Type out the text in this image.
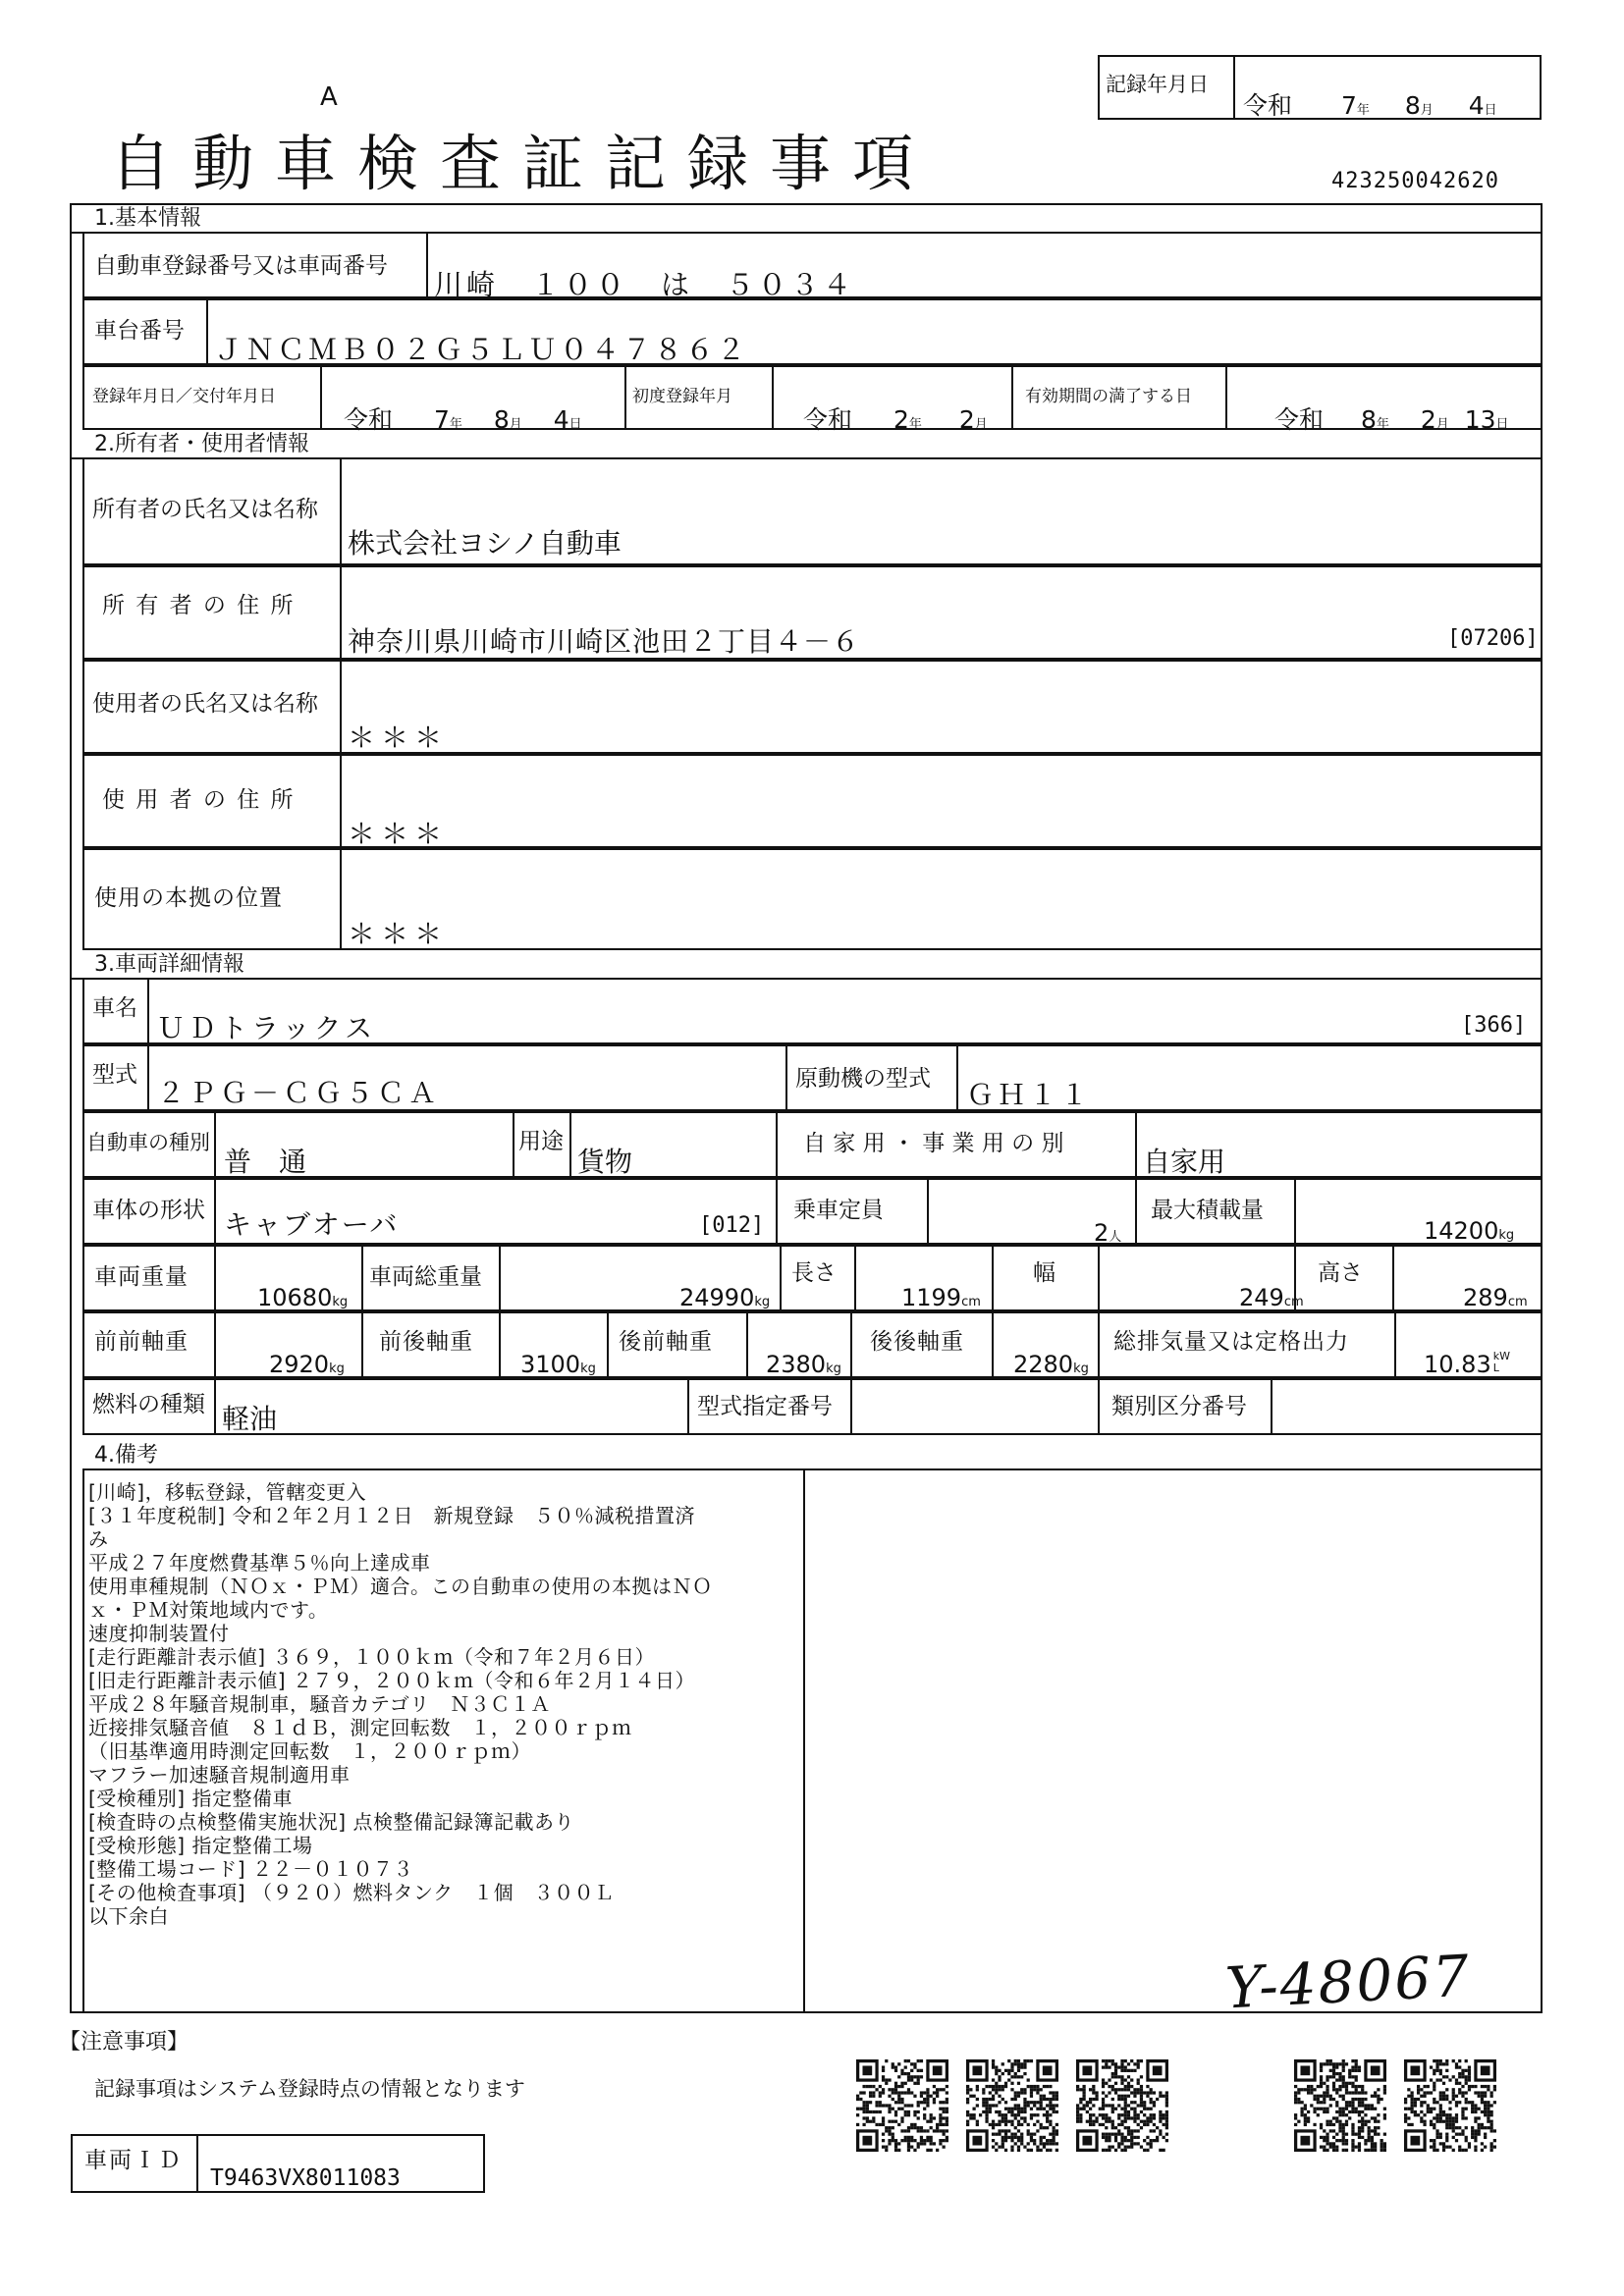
A
自動車検査証記録事項	423250042620
記録年月日
令和 7年 8月 4日
1.基本情報
自動車登録番号又は車両番号
川崎　１００　は　５０３４
車台番号
ＪＮＣＭＢ０２Ｇ５ＬＵ０４７８６２
登録年月日／交付年月日
令和 7年 8月 4日
初度登録年月
令和 2年 2月
有効期間の満了する日
令和 8年 2月 13日
2.所有者・使用者情報
所有者の氏名又は名称
株式会社ヨシノ自動車
所 有 者 の 住 所
神奈川県川崎市川崎区池田２丁目４－６	[07206]
使用者の氏名又は名称
＊＊＊
使 用 者 の 住 所
＊＊＊
使用の本拠の位置
＊＊＊
3.車両詳細情報
車名
ＵＤトラックス	[366]
型式
２ＰＧ－ＣＧ５ＣＡ	原動機の型式 ＧＨ１１
自動車の種別
普　通
用途
貨物
自 家 用 ・ 事 業 用 の 別
自家用
車体の形状 キャブオーバ	[012]
乗車定員
2人
最大積載量
14200kg
車両重量
10680kg
車両総重量
24990kg
長さ
1199cm
幅
249cm
高さ
289cm
前前軸重
2920kg
前後軸重
3100kg
後前軸重
2380kg
後後軸重
2280kg
総排気量又は定格出力
10.83 kW
L
燃料の種類 軽油	型式指定番号	類別区分番号
4.備考
[川崎]，移転登録，管轄変更入
[３１年度税制] 令和２年２月１２日　新規登録　５０％減税措置済
み
平成２７年度燃費基準５％向上達成車
使用車種規制（ＮＯｘ・ＰＭ）適合。この自動車の使用の本拠はＮＯ
ｘ・ＰＭ対策地域内です。
速度抑制装置付
[走行距離計表示値] ３６９，１００ｋｍ（令和７年２月６日）
[旧走行距離計表示値] ２７９，２００ｋｍ（令和６年２月１４日）
平成２８年騒音規制車，騒音カテゴリ　Ｎ３Ｃ１Ａ
近接排気騒音値　８１ｄＢ，測定回転数　１，２００ｒｐｍ
（旧基準適用時測定回転数　１，２００ｒｐｍ）
マフラー加速騒音規制適用車
[受検種別] 指定整備車
[検査時の点検整備実施状況] 点検整備記録簿記載あり
[受検形態] 指定整備工場
[整備工場コード] ２２－０１０７３
[その他検査事項] （９２０）燃料タンク　１個　３００Ｌ
以下余白
Y-48067
【注意事項】
記録事項はシステム登録時点の情報となります
車両ＩＤ
T9463VX8011083
